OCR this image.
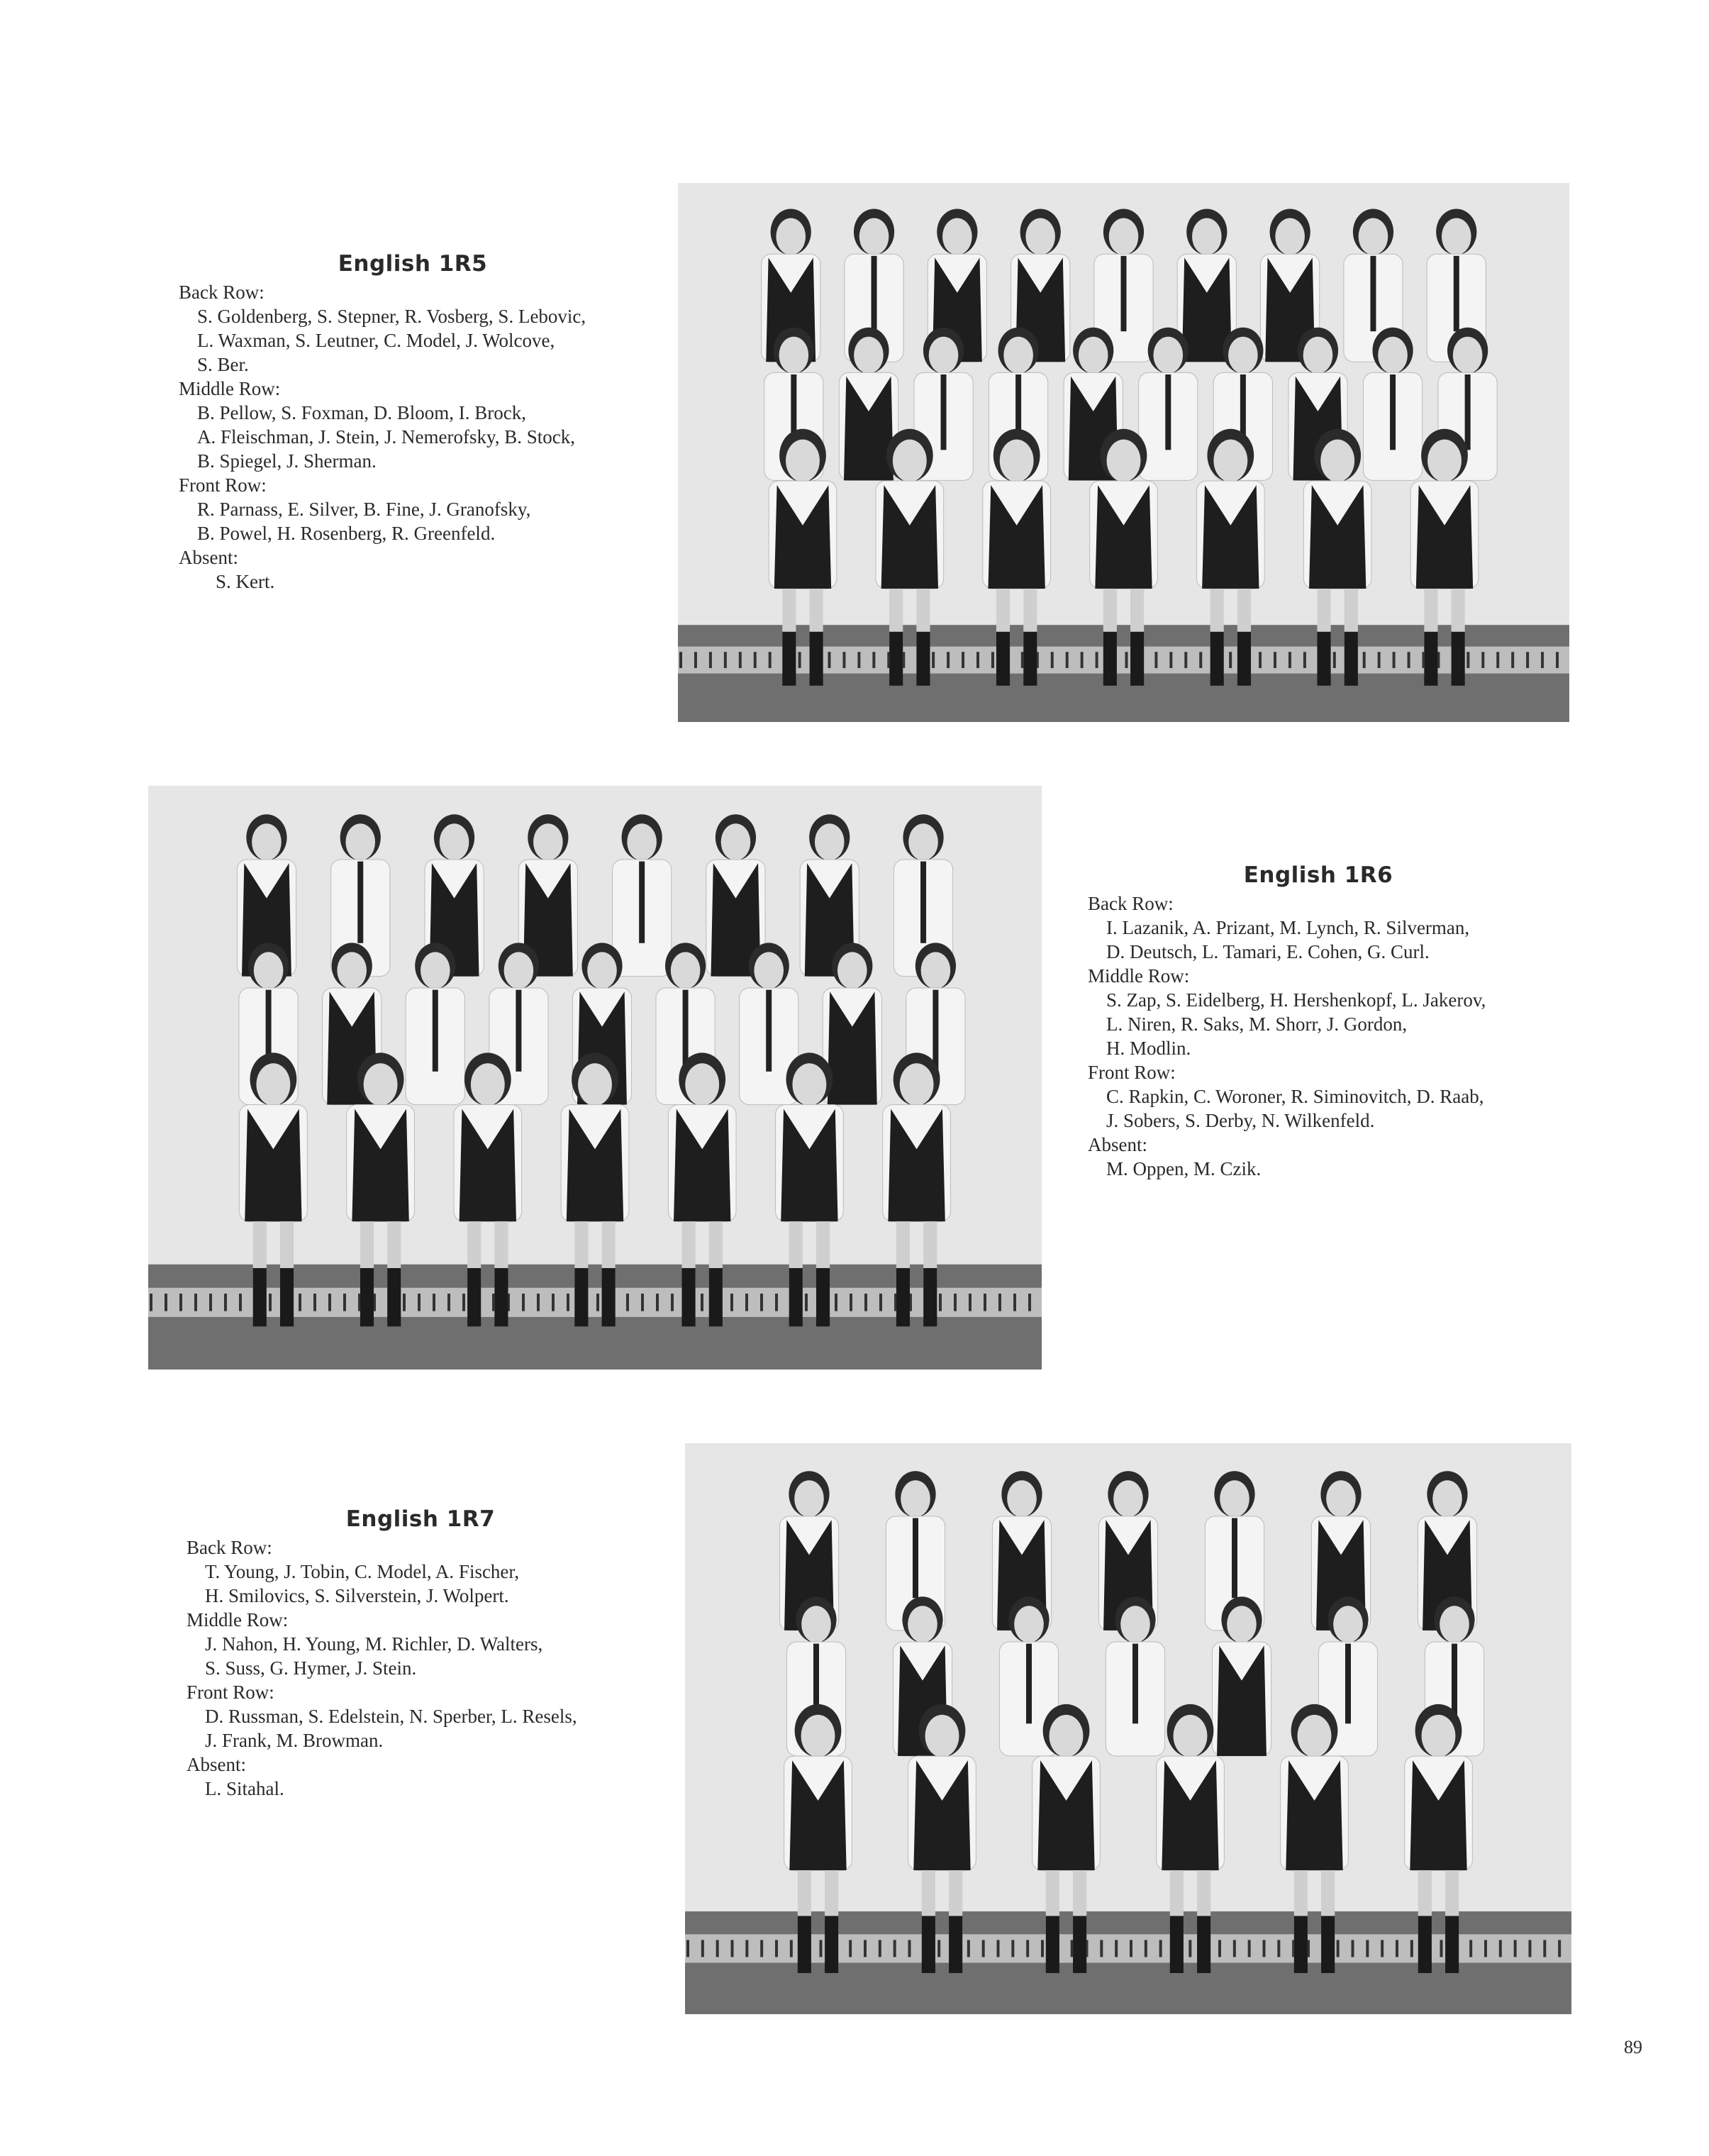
English 1R5
Back Row:
S. Goldenberg, S. Stepner, R. Vosberg, S. Lebovic,
L. Waxman, S. Leutner, C. Model, J. Wolcove,
S. Ber.
Middle Row:
B. Pellow, S. Foxman, D. Bloom, I. Brock,
A. Fleischman, J. Stein, J. Nemerofsky, B. Stock,
B. Spiegel, J. Sherman.
Front Row:
R. Parnass, E. Silver, B. Fine, J. Granofsky,
B. Powel, H. Rosenberg, R. Greenfeld.
Absent:
S. Kert.
English 1R6
Back Row:
I. Lazanik, A. Prizant, M. Lynch, R. Silverman,
D. Deutsch, L. Tamari, E. Cohen, G. Curl.
Middle Row:
S. Zap, S. Eidelberg, H. Hershenkopf, L. Jakerov,
L. Niren, R. Saks, M. Shorr, J. Gordon,
H. Modlin.
Front Row:
C. Rapkin, C. Woroner, R. Siminovitch, D. Raab,
J. Sobers, S. Derby, N. Wilkenfeld.
Absent:
M. Oppen, M. Czik.
English 1R7
Back Row:
T. Young, J. Tobin, C. Model, A. Fischer,
H. Smilovics, S. Silverstein, J. Wolpert.
Middle Row:
J. Nahon, H. Young, M. Richler, D. Walters,
S. Suss, G. Hymer, J. Stein.
Front Row:
D. Russman, S. Edelstein, N. Sperber, L. Resels,
J. Frank, M. Browman.
Absent:
L. Sitahal.
89
